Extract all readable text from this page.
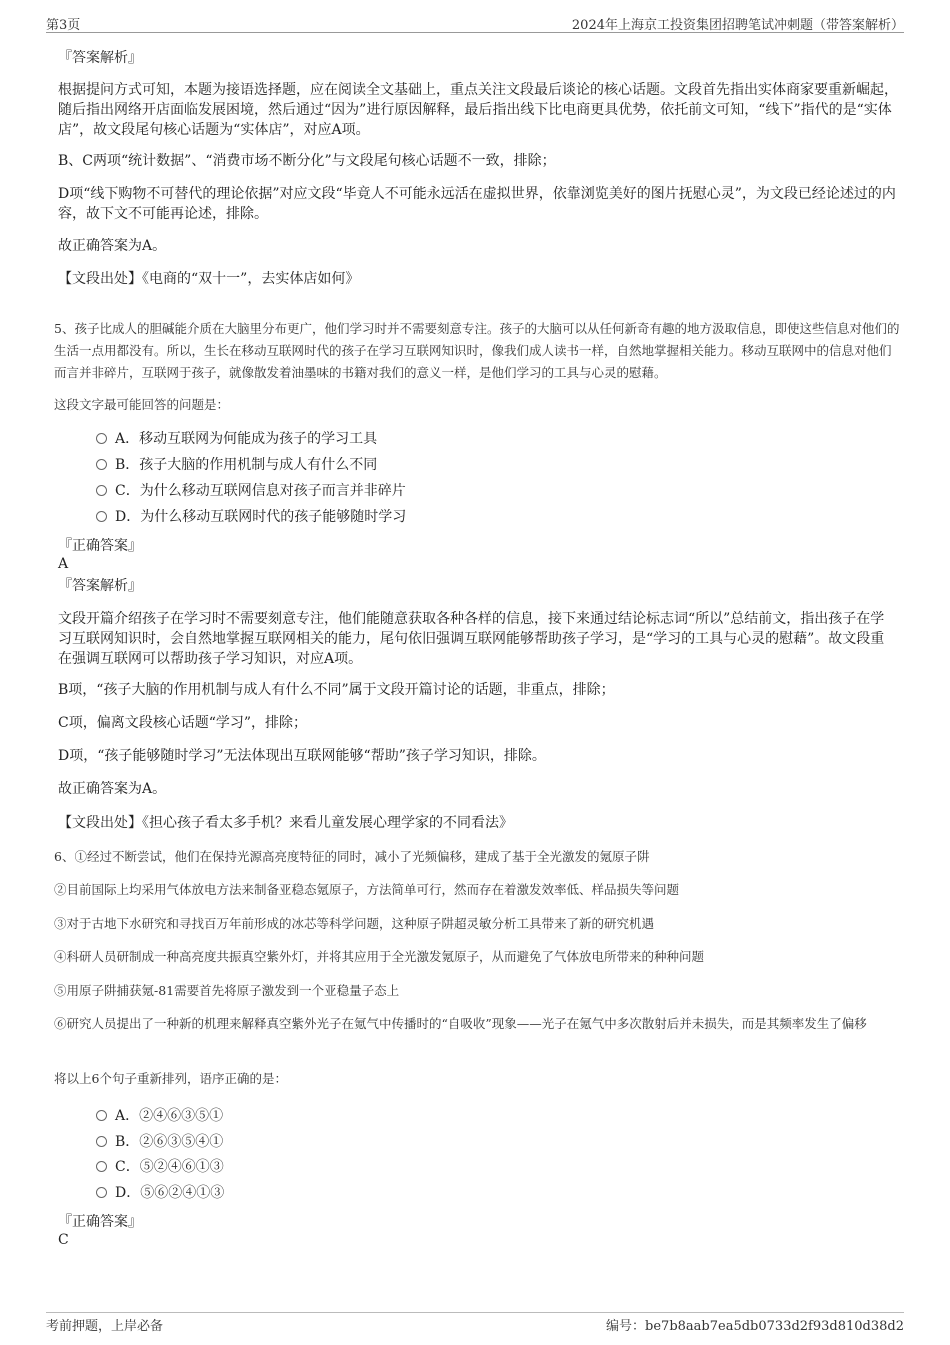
第3页	2024年上海京工投资集团招聘笔试冲刺题（带答案解析）
『答案解析』
根据提问方式可知，本题为接语选择题，应在阅读全文基础上，重点关注文段最后谈论的核心话题。文段首先指出实体商家要重新崛起，随后指出网络开店面临发展困境，然后通过“因为”进行原因解释，最后指出线下比电商更具优势，依托前文可知，“线下”指代的是“实体店”，故文段尾句核心话题为“实体店”，对应A项。
B、C两项“统计数据”、“消费市场不断分化”与文段尾句核心话题不一致，排除；
D项“线下购物不可替代的理论依据”对应文段“毕竟人不可能永远活在虚拟世界，依靠浏览美好的图片抚慰心灵”，为文段已经论述过的内容，故下文不可能再论述，排除。
故正确答案为A。
【文段出处】《电商的“双十一”，去实体店如何》
5、孩子比成人的胆碱能介质在大脑里分布更广，他们学习时并不需要刻意专注。孩子的大脑可以从任何新奇有趣的地方汲取信息，即使这些信息对他们的生活一点用都没有。所以，生长在移动互联网时代的孩子在学习互联网知识时，像我们成人读书一样，自然地掌握相关能力。移动互联网中的信息对他们而言并非碎片，互联网于孩子，就像散发着油墨味的书籍对我们的意义一样，是他们学习的工具与心灵的慰藉。
这段文字最可能回答的问题是：
A．移动互联网为何能成为孩子的学习工具
B．孩子大脑的作用机制与成人有什么不同
C．为什么移动互联网信息对孩子而言并非碎片
D．为什么移动互联网时代的孩子能够随时学习
『正确答案』
A
『答案解析』
文段开篇介绍孩子在学习时不需要刻意专注，他们能随意获取各种各样的信息，接下来通过结论标志词“所以”总结前文，指出孩子在学习互联网知识时，会自然地掌握互联网相关的能力，尾句依旧强调互联网能够帮助孩子学习，是“学习的工具与心灵的慰藉”。故文段重在强调互联网可以帮助孩子学习知识，对应A项。
B项，“孩子大脑的作用机制与成人有什么不同”属于文段开篇讨论的话题，非重点，排除；
C项，偏离文段核心话题“学习”，排除；
D项，“孩子能够随时学习”无法体现出互联网能够“帮助”孩子学习知识，排除。
故正确答案为A。
【文段出处】《担心孩子看太多手机？来看儿童发展心理学家的不同看法》
6、①经过不断尝试，他们在保持光源高亮度特征的同时，减小了光频偏移，建成了基于全光激发的氪原子阱
②目前国际上均采用气体放电方法来制备亚稳态氪原子，方法简单可行，然而存在着激发效率低、样品损失等问题
③对于古地下水研究和寻找百万年前形成的冰芯等科学问题，这种原子阱超灵敏分析工具带来了新的研究机遇
④科研人员研制成一种高亮度共振真空紫外灯，并将其应用于全光激发氪原子，从而避免了气体放电所带来的种种问题
⑤用原子阱捕获氪-81需要首先将原子激发到一个亚稳量子态上
⑥研究人员提出了一种新的机理来解释真空紫外光子在氪气中传播时的“自吸收”现象——光子在氪气中多次散射后并未损失，而是其频率发生了偏移
将以上6个句子重新排列，语序正确的是：
A．②④⑥③⑤①
B．②⑥③⑤④①
C．⑤②④⑥①③
D．⑤⑥②④①③
『正确答案』
C
考前押题，上岸必备	编号：be7b8aab7ea5db0733d2f93d810d38d2
